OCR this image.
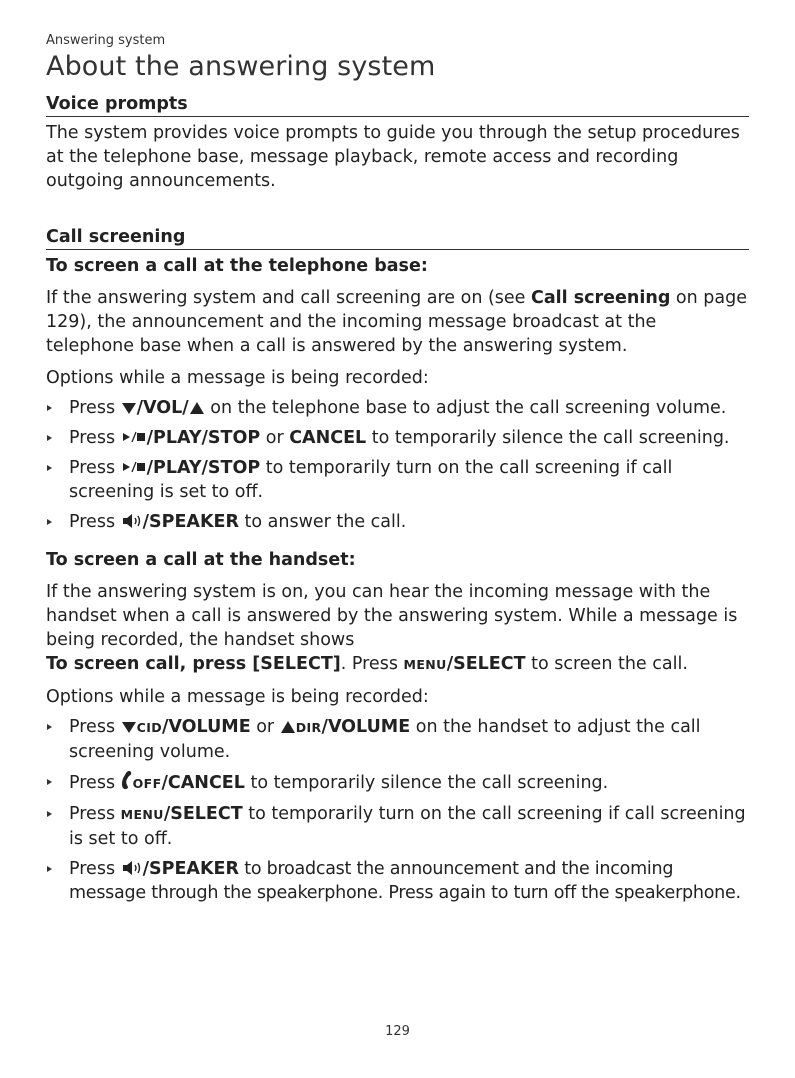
Answering system
About the answering system
Voice prompts

The system provides voice prompts to guide you through the setup procedures at the telephone base, message playback, remote access and recording outgoing announcements.

Call screening
To screen a call at the telephone base:

If the answering system and call screening are on (see Call screening on page 129), the announcement and the incoming message broadcast at the telephone base when a call is answered by the answering system.

Options while a message is being recorded:

Press /VOL/ on the telephone base to adjust the call screening volume.
Press /PLAY/STOP or CANCEL to temporarily silence the call screening.
Press /PLAY/STOP to temporarily turn on the call screening if call screening is set to off.
Press /SPEAKER to answer the call.
To screen a call at the handset:

If the answering system is on, you can hear the incoming message with the handset when a call is answered by the answering system. While a message is being recorded, the handset shows
To screen call, press [SELECT]. Press MENU/SELECT to screen the call.

Options while a message is being recorded:

Press CID/VOLUME or DIR/VOLUME on the handset to adjust the call screening volume.
Press OFF/CANCEL to temporarily silence the call screening.
Press MENU/SELECT to temporarily turn on the call screening if call screening is set to off.
Press /SPEAKER to broadcast the announcement and the incoming message through the speakerphone. Press again to turn off the speakerphone.
129
